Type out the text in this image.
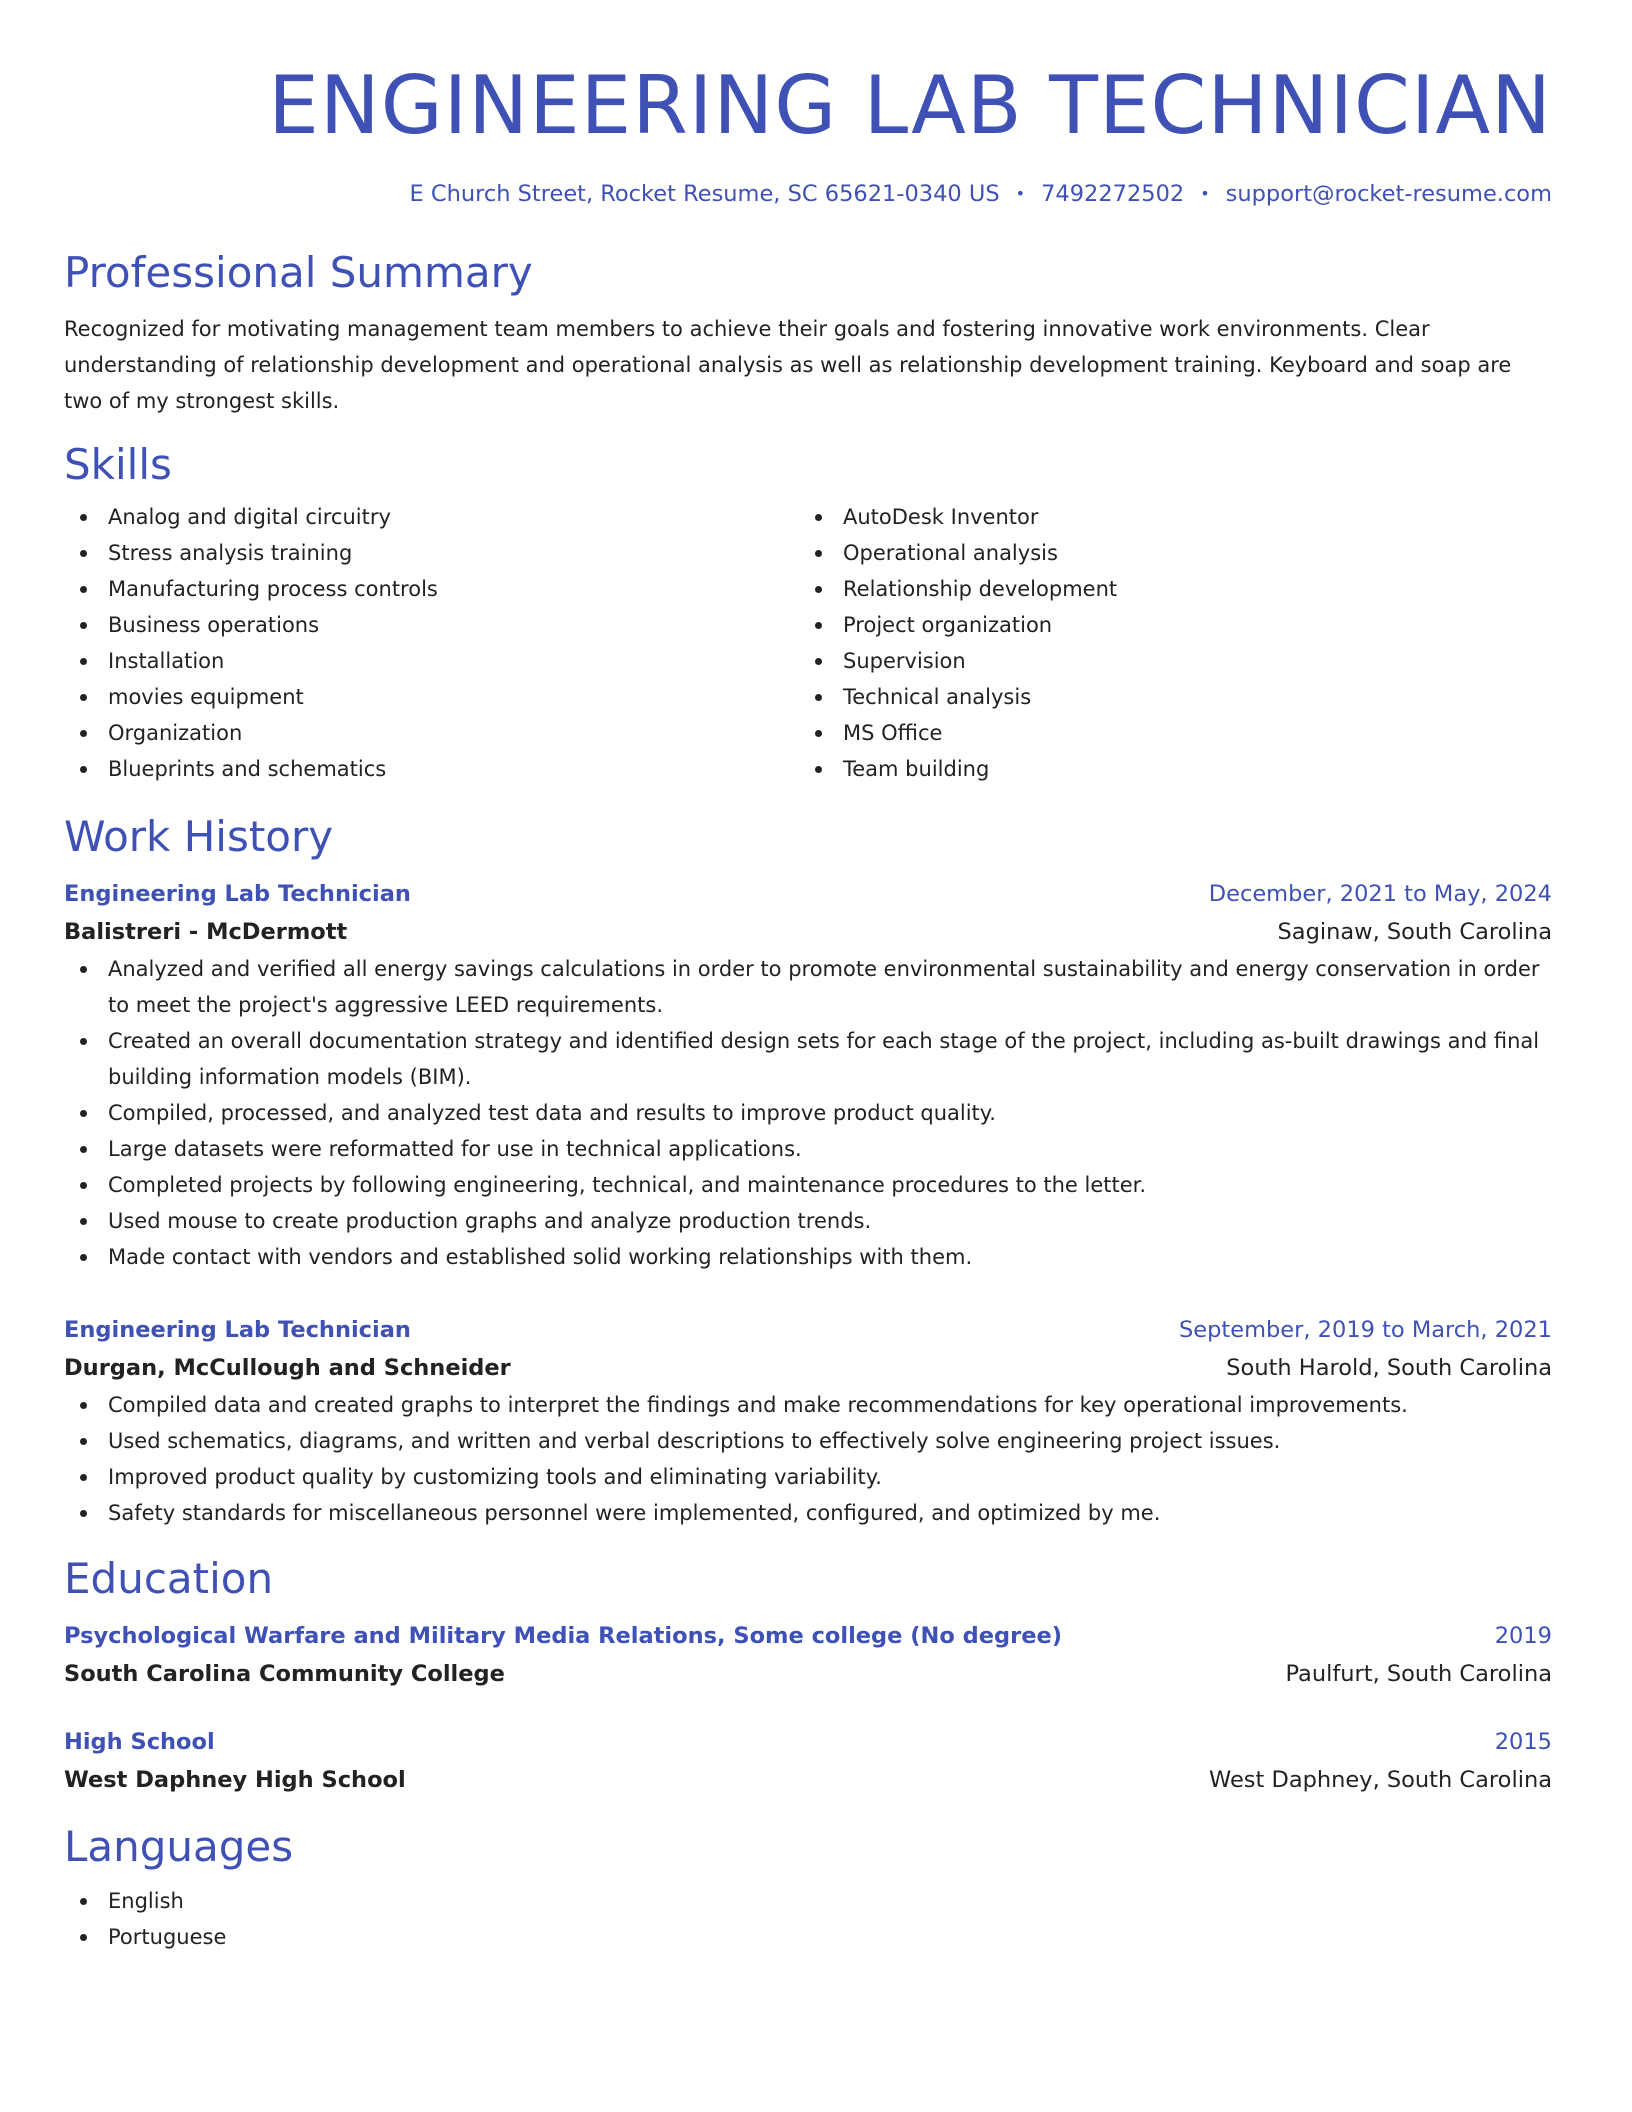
ENGINEERING LAB TECHNICIAN
E Church Street, Rocket Resume, SC 65621-0340 US • 7492272502 • support@rocket-resume.com
Professional Summary

Recognized for motivating management team members to achieve their goals and fostering innovative work environments. Clear understanding of relationship development and operational analysis as well as relationship development training. Keyboard and soap are two of my strongest skills.

Skills
Analog and digital circuitry
Stress analysis training
Manufacturing process controls
Business operations
Installation
movies equipment
Organization
Blueprints and schematics
AutoDesk Inventor
Operational analysis
Relationship development
Project organization
Supervision
Technical analysis
MS Office
Team building
Work History
Engineering Lab Technician	December, 2021 to May, 2024
Balistreri - McDermott	Saginaw, South Carolina
Analyzed and verified all energy savings calculations in order to promote environmental sustainability and energy conservation in order to meet the project's aggressive LEED requirements.
Created an overall documentation strategy and identified design sets for each stage of the project, including as-built drawings and final building information models (BIM).
Compiled, processed, and analyzed test data and results to improve product quality.
Large datasets were reformatted for use in technical applications.
Completed projects by following engineering, technical, and maintenance procedures to the letter.
Used mouse to create production graphs and analyze production trends.
Made contact with vendors and established solid working relationships with them.
Engineering Lab Technician	September, 2019 to March, 2021
Durgan, McCullough and Schneider	South Harold, South Carolina
Compiled data and created graphs to interpret the findings and make recommendations for key operational improvements.
Used schematics, diagrams, and written and verbal descriptions to effectively solve engineering project issues.
Improved product quality by customizing tools and eliminating variability.
Safety standards for miscellaneous personnel were implemented, configured, and optimized by me.
Education
Psychological Warfare and Military Media Relations, Some college (No degree)	2019
South Carolina Community College	Paulfurt, South Carolina
High School	2015
West Daphney High School	West Daphney, South Carolina
Languages
English
Portuguese
